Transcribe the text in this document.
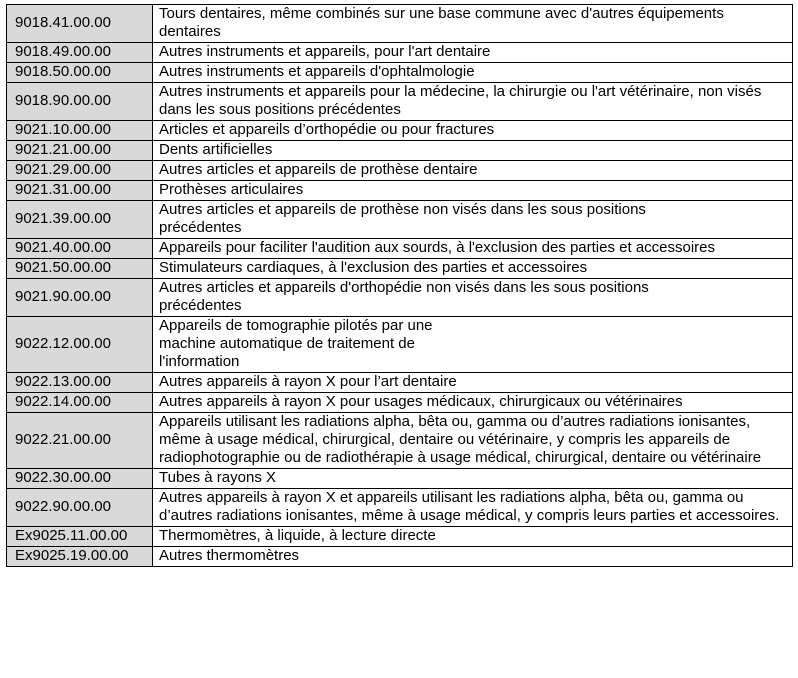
9018.41.00.00	Tours dentaires, même combinés sur une base commune avec d'autres équipements dentaires
9018.49.00.00	Autres instruments et appareils, pour l'art dentaire
9018.50.00.00	Autres instruments et appareils d'ophtalmologie
9018.90.00.00	Autres instruments et appareils pour la médecine, la chirurgie ou l'art vétérinaire, non visés dans les sous positions précédentes
9021.10.00.00	Articles et appareils d’orthopédie ou pour fractures
9021.21.00.00	Dents artificielles
9021.29.00.00	Autres articles et appareils de prothèse dentaire
9021.31.00.00	Prothèses articulaires
9021.39.00.00	Autres articles et appareils de prothèse non visés dans les sous positions
précédentes
9021.40.00.00	Appareils pour faciliter l'audition aux sourds, à l'exclusion des parties et accessoires
9021.50.00.00	Stimulateurs cardiaques, à l'exclusion des parties et accessoires
9021.90.00.00	Autres articles et appareils d'orthopédie non visés dans les sous positions
précédentes
9022.12.00.00	Appareils de tomographie pilotés par une
machine automatique de traitement de
l'information
9022.13.00.00	Autres appareils à rayon X pour l’art dentaire
9022.14.00.00	Autres appareils à rayon X pour usages médicaux, chirurgicaux ou vétérinaires
9022.21.00.00	Appareils utilisant les radiations alpha, bêta ou, gamma ou d’autres radiations ionisantes, même à usage médical, chirurgical, dentaire ou vétérinaire, y compris les appareils de radiophotographie ou de radiothérapie à usage médical, chirurgical, dentaire ou vétérinaire
9022.30.00.00	Tubes à rayons X

9022.90.00.00	Autres appareils à rayon X et appareils utilisant les radiations alpha, bêta ou, gamma ou d’autres radiations ionisantes, même à usage médical, y compris leurs parties et accessoires.
Ex9025.11.00.00	Thermomètres, à liquide, à lecture directe
Ex9025.19.00.00	Autres thermomètres
